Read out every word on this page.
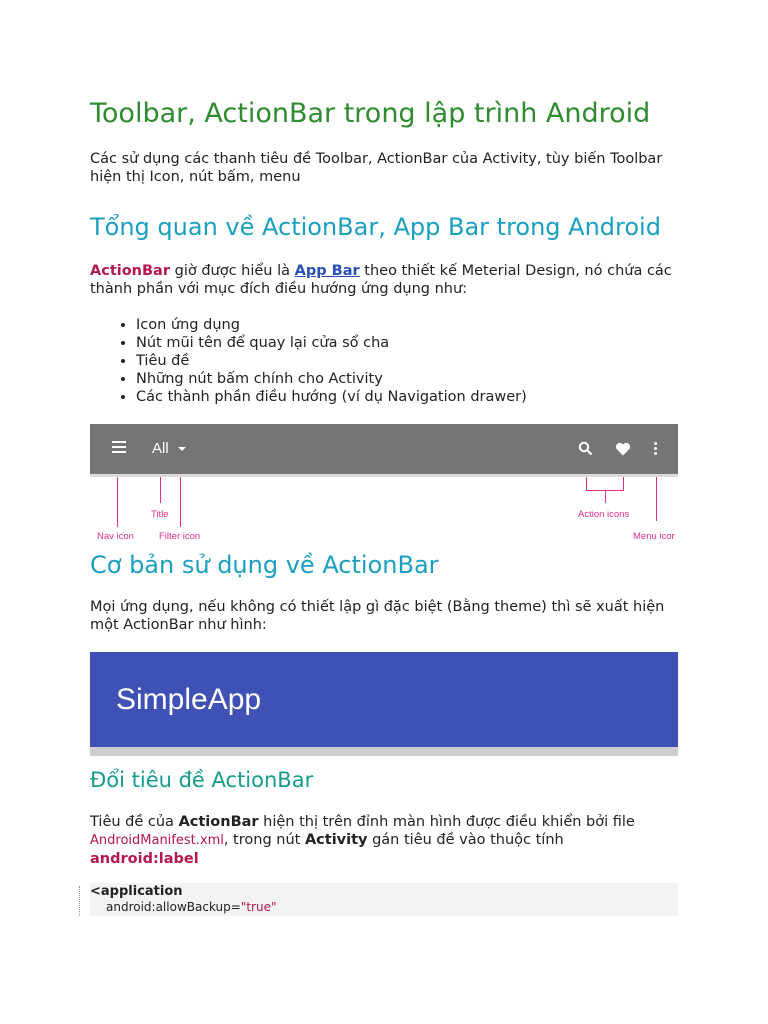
Toolbar, ActionBar trong lập trình Android

Các sử dụng các thanh tiêu đề Toolbar, ActionBar của Activity, tùy biến Toolbar hiện thị Icon, nút bấm, menu

Tổng quan về ActionBar, App Bar trong Android

ActionBar giờ được hiểu là App Bar theo thiết kế Meterial Design, nó chứa các thành phần với mục đích điều hướng ứng dụng như:

• Icon ứng dụng
• Nút mũi tên để quay lại cửa sổ cha
• Tiêu đề
• Những nút bấm chính cho Activity
• Các thành phần điều hướng (ví dụ Navigation drawer)
All
Nav icon
Title
Filter icon
Action icons
Menu icor
Cơ bản sử dụng về ActionBar

Mọi ứng dụng, nếu không có thiết lập gì đặc biệt (Bằng theme) thì sẽ xuất hiện một ActionBar như hình:

SimpleApp
Đổi tiêu đề ActionBar

Tiêu đề của ActionBar hiện thị trên đỉnh màn hình được điều khiển bởi file AndroidManifest.xml, trong nút Activity gán tiêu đề vào thuộc tính android:label

<application
android:allowBackup="true"
